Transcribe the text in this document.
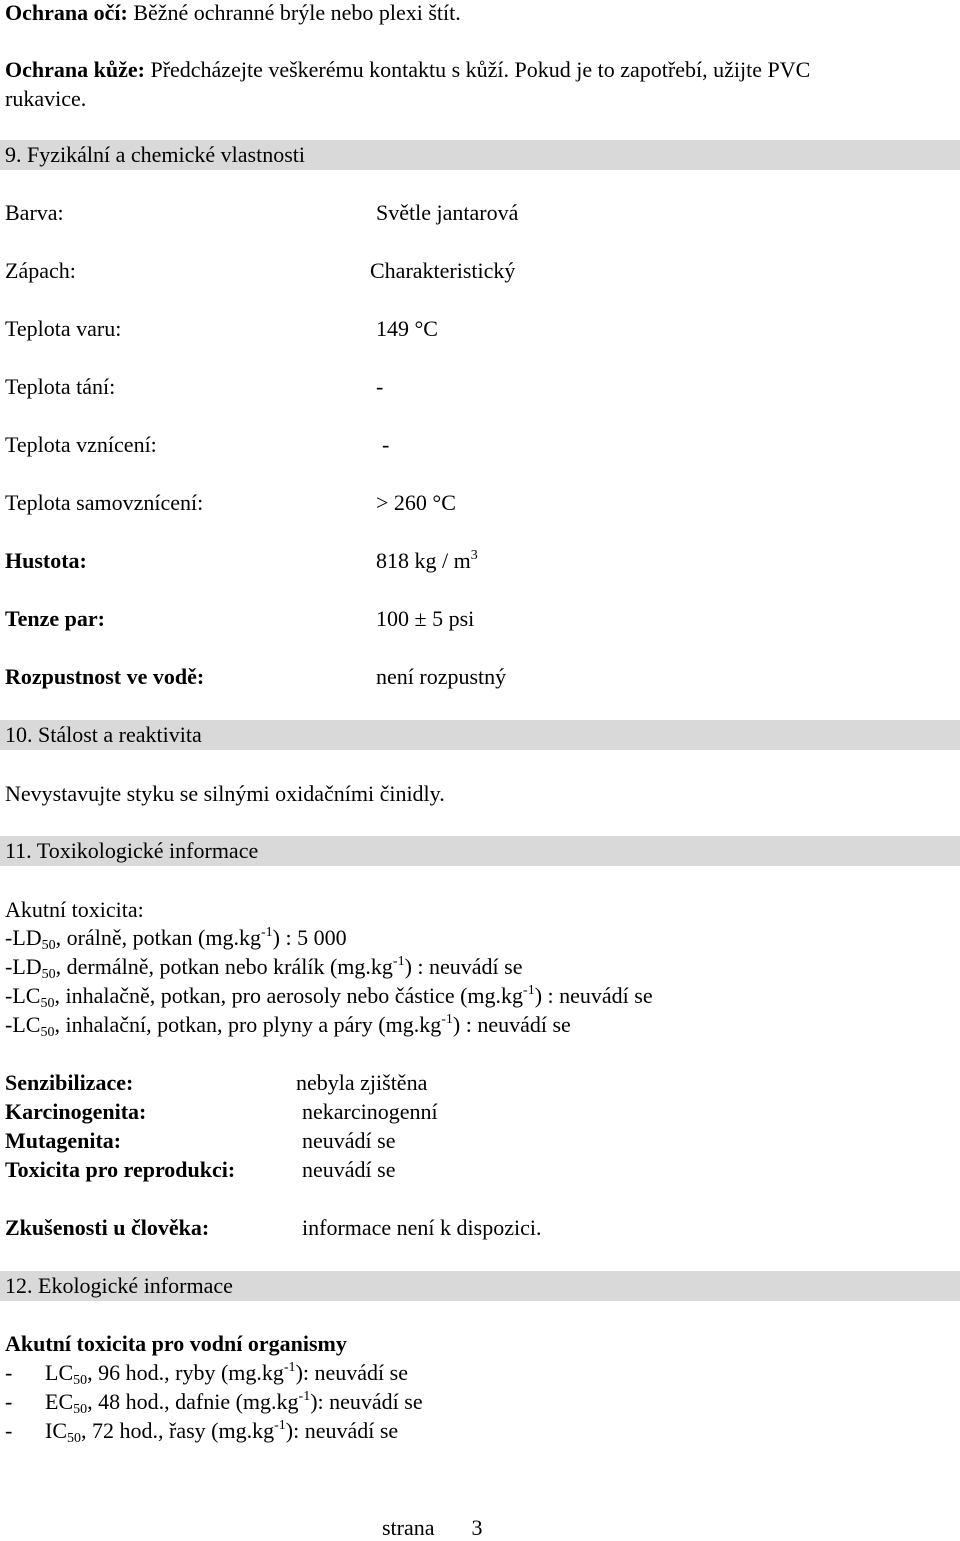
Ochrana očí: Běžné ochranné brýle nebo plexi štít.
Ochrana kůže: Předcházejte veškerému kontaktu s kůží. Pokud je to zapotřebí, užijte PVC
rukavice.
9. Fyzikální a chemické vlastnosti
Barva:	Světle jantarová
Zápach:	Charakteristický
Teplota varu:	149 °C
Teplota tání:	-
Teplota vznícení:	-
Teplota samovznícení:	> 260 °C
Hustota:	818 kg / $m^3$
Tenze par:	100 ± 5 psi
Rozpustnost ve vodě:	není rozpustný
10. Stálost a reaktivita
Nevystavujte styku se silnými oxidačními činidly.
11. Toxikologické informace
Akutní toxicita:
$-LD_{50}$, orálně, potkan $(mg.kg^{-1})$ : 5 000
$-LD_{50}$, dermálně, potkan nebo králík $(mg.kg^{-1})$ : neuvádí se
$-LC_{50}$, inhalačně, potkan, pro aerosoly nebo částice $(mg.kg^{-1})$ : neuvádí se
$-LC_{50}$, inhalační, potkan, pro plyny a páry $(mg.kg^{-1})$ : neuvádí se
Senzibilizace:	nebyla zjištěna
Karcinogenita:	nekarcinogenní
Mutagenita:	neuvádí se
Toxicita pro reprodukci:	neuvádí se
Zkušenosti u člověka:	informace není k dispozici.
12. Ekologické informace
Akutní toxicita pro vodní organismy
- $LC_{50}$, 96 hod., ryby $(mg.kg^{-1})$: neuvádí se
- $EC_{50}$, 48 hod., dafnie $(mg.kg^{-1})$: neuvádí se
- $IC_{50}$, 72 hod., řasy $(mg.kg^{-1})$: neuvádí se
strana 3
